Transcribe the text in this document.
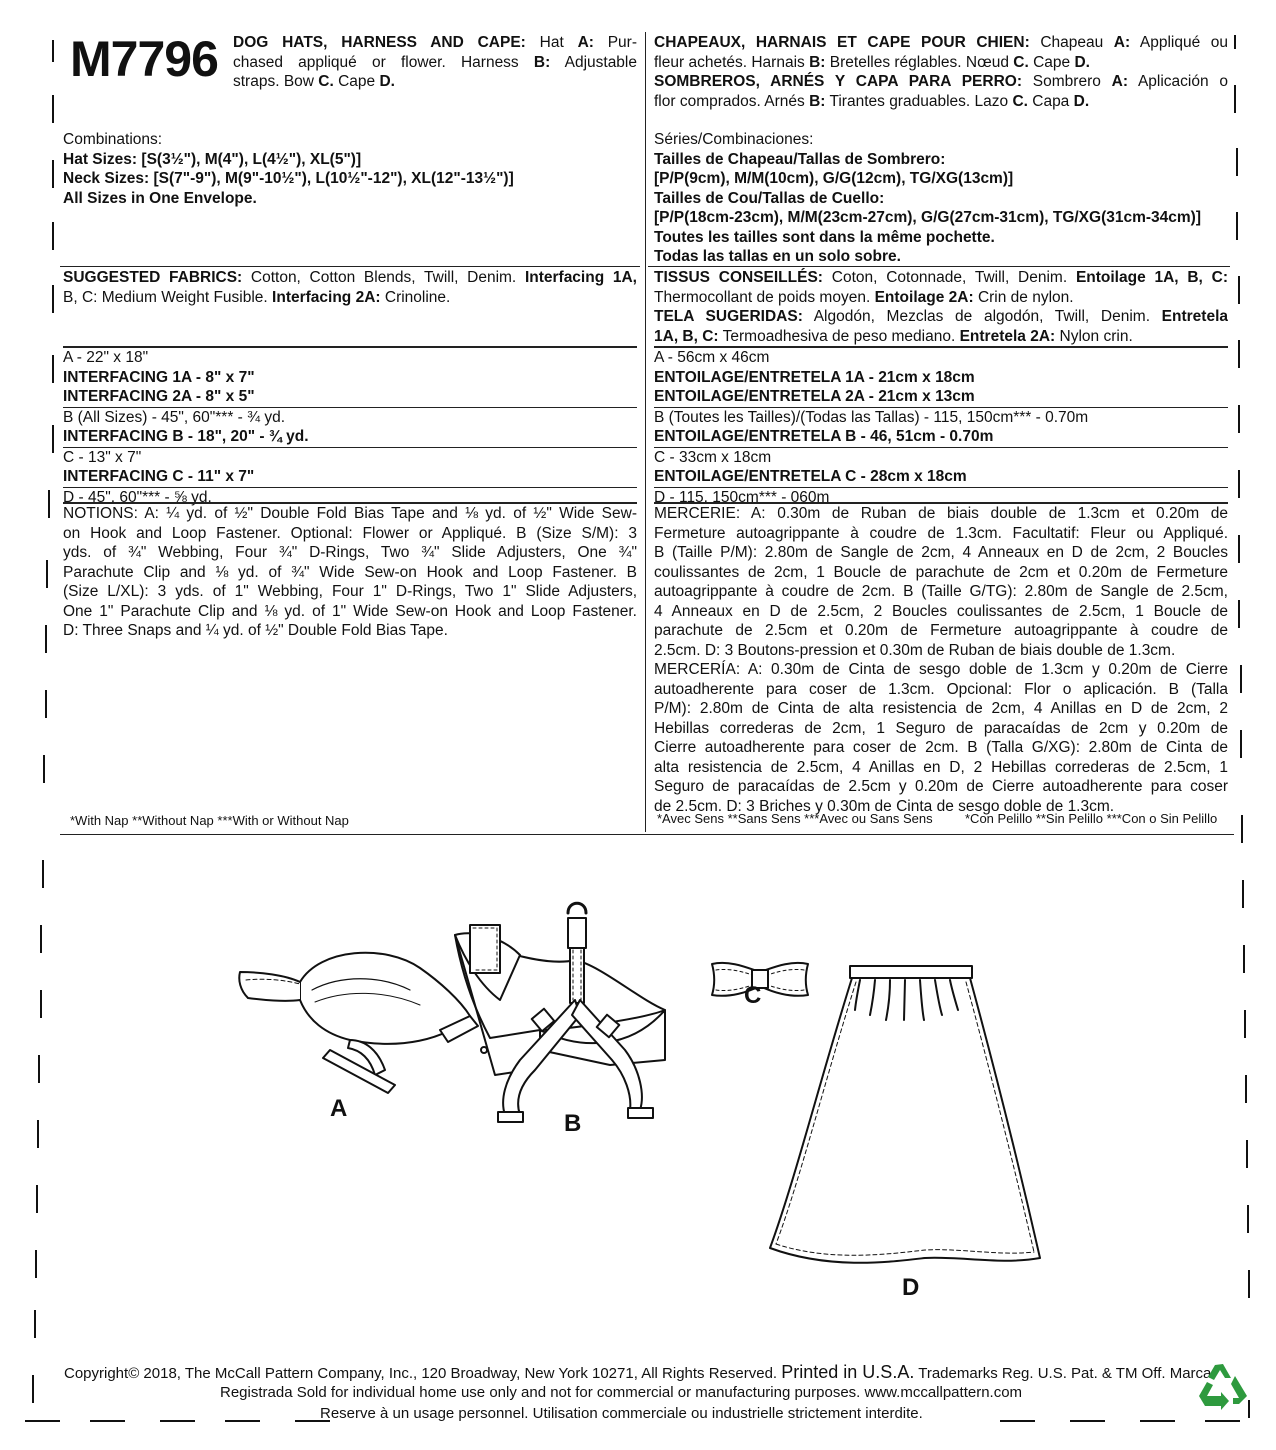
M7796 DOG HATS, HARNESS AND CAPE: Hat A: Pur-
chased appliqué or flower. Harness B: Adjustable
straps. Bow C. Cape D.
CHAPEAUX, HARNAIS ET CAPE POUR CHIEN: Chapeau A: Appliqué ou
fleur achetés. Harnais B: Bretelles réglables. Nœud C. Cape D.
SOMBREROS, ARNÉS Y CAPA PARA PERRO: Sombrero A: Aplicación o
flor comprados. Arnés B: Tirantes graduables. Lazo C. Capa D.
Combinations:
Hat Sizes: [S(3½"), M(4"), L(4½"), XL(5")]
Neck Sizes: [S(7"-9"), M(9"-10½"), L(10½"-12"), XL(12"-13½")]
All Sizes in One Envelope.
Séries/Combinaciones:
Tailles de Chapeau/Tallas de Sombrero:
[P/P(9cm), M/M(10cm), G/G(12cm), TG/XG(13cm)]
Tailles de Cou/Tallas de Cuello:
[P/P(18cm-23cm), M/M(23cm-27cm), G/G(27cm-31cm), TG/XG(31cm-34cm)]
Toutes les tailles sont dans la même pochette.
Todas las tallas en un solo sobre.
SUGGESTED FABRICS: Cotton, Cotton Blends, Twill, Denim. Interfacing 1A,
B, C: Medium Weight Fusible. Interfacing 2A: Crinoline.
TISSUS CONSEILLÉS: Coton, Cotonnade, Twill, Denim. Entoilage 1A, B, C:
Thermocollant de poids moyen. Entoilage 2A: Crin de nylon.
TELA SUGERIDAS: Algodón, Mezclas de algodón, Twill, Denim. Entretela
1A, B, C: Termoadhesiva de peso mediano. Entretela 2A: Nylon crin.
A - 22" x 18"
INTERFACING 1A - 8" x 7"
INTERFACING 2A - 8" x 5"
B (All Sizes) - 45", 60"*** - ¾ yd.
INTERFACING B - 18", 20" - ¾ yd.
C - 13" x 7"
INTERFACING C - 11" x 7"
D - 45", 60"*** - ⅝ yd.
A - 56cm x 46cm
ENTOILAGE/ENTRETELA 1A - 21cm x 18cm
ENTOILAGE/ENTRETELA 2A - 21cm x 13cm
B (Toutes les Tailles)/(Todas las Tallas) - 115, 150cm*** - 0.70m
ENTOILAGE/ENTRETELA B - 46, 51cm - 0.70m
C - 33cm x 18cm
ENTOILAGE/ENTRETELA C - 28cm x 18cm
D - 115, 150cm*** - 060m
NOTIONS: A: ¼ yd. of ½" Double Fold Bias Tape and ⅛ yd. of ½" Wide Sew-
on Hook and Loop Fastener. Optional: Flower or Appliqué. B (Size S/M): 3
yds. of ¾" Webbing, Four ¾" D-Rings, Two ¾" Slide Adjusters, One ¾"
Parachute Clip and ⅛ yd. of ¾" Wide Sew-on Hook and Loop Fastener. B
(Size L/XL): 3 yds. of 1" Webbing, Four 1" D-Rings, Two 1" Slide Adjusters,
One 1" Parachute Clip and ⅛ yd. of 1" Wide Sew-on Hook and Loop Fastener.
D: Three Snaps and ¼ yd. of ½" Double Fold Bias Tape.
MERCERIE: A: 0.30m de Ruban de biais double de 1.3cm et 0.20m de
Fermeture autoagrippante à coudre de 1.3cm. Facultatif: Fleur ou Appliqué.
B (Taille P/M): 2.80m de Sangle de 2cm, 4 Anneaux en D de 2cm, 2 Boucles
coulissantes de 2cm, 1 Boucle de parachute de 2cm et 0.20m de Fermeture
autoagrippante à coudre de 2cm. B (Taille G/TG): 2.80m de Sangle de 2.5cm,
4 Anneaux en D de 2.5cm, 2 Boucles coulissantes de 2.5cm, 1 Boucle de
parachute de 2.5cm et 0.20m de Fermeture autoagrippante à coudre de
2.5cm. D: 3 Boutons-pression et 0.30m de Ruban de biais double de 1.3cm.
MERCERÍA: A: 0.30m de Cinta de sesgo doble de 1.3cm y 0.20m de Cierre
autoadherente para coser de 1.3cm. Opcional: Flor o aplicación. B (Talla
P/M): 2.80m de Cinta de alta resistencia de 2cm, 4 Anillas en D de 2cm, 2
Hebillas correderas de 2cm, 1 Seguro de paracaídas de 2cm y 0.20m de
Cierre autoadherente para coser de 2cm. B (Talla G/XG): 2.80m de Cinta de
alta resistencia de 2.5cm, 4 Anillas en D, 2 Hebillas correderas de 2.5cm, 1
Seguro de paracaídas de 2.5cm y 0.20m de Cierre autoadherente para coser
de 2.5cm. D: 3 Briches y 0.30m de Cinta de sesgo doble de 1.3cm.
*With Nap **Without Nap ***With or Without Nap	*Avec Sens **Sans Sens ***Avec ou Sans Sens *Con Pelillo **Sin Pelillo ***Con o Sin Pelillo
A
B
C
D
Copyright© 2018, The McCall Pattern Company, Inc., 120 Broadway, New York 10271, All Rights Reserved. Printed in U.S.A. Trademarks Reg. U.S. Pat. & TM Off. Marca
Registrada Sold for individual home use only and not for commercial or manufacturing purposes. www.mccallpattern.com
Reserve à un usage personnel. Utilisation commerciale ou industrielle strictement interdite.
